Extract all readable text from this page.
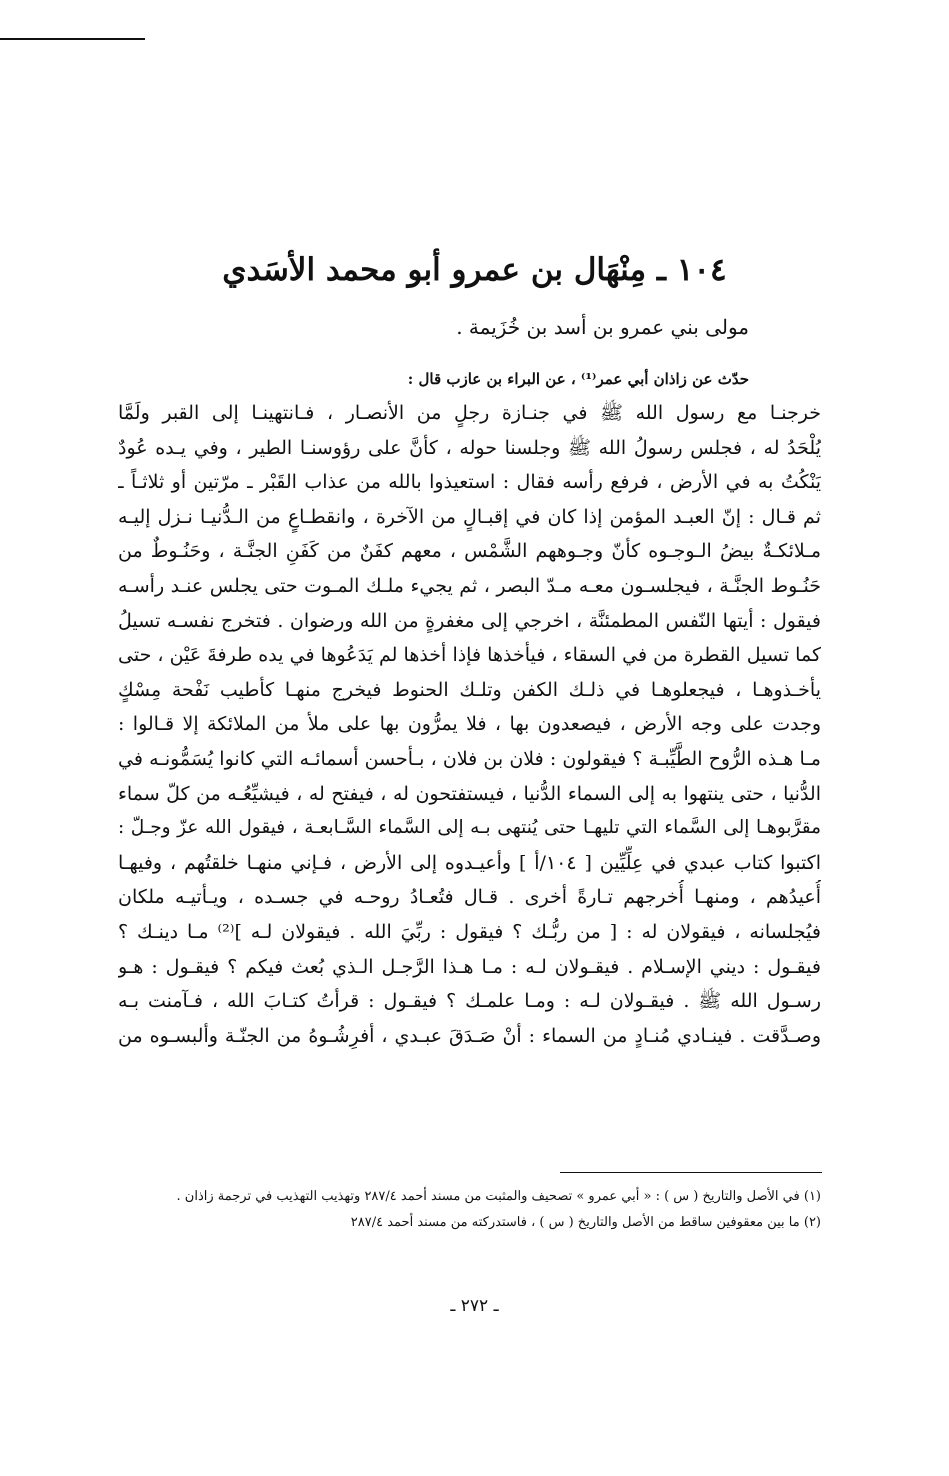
١٠٤ ـ مِنْهَال بن عمرو أبو محمد الأسَدي

مولى بني عمرو بن أسد بن خُزَيمة .

حدّث عن زاذان أبي عمر⁽¹⁾ ، عن البراء بن عازب قال :

خرجنـا مع رسول الله ﷺ في جنـازة رجلٍ من الأنصـار ، فـانتهينـا إلى القبر ولَمَّا
يُلْحَدُ له ، فجلس رسولُ الله ﷺ وجلسنا حوله ، كأنَّ على رؤوسنـا الطير ، وفي يـده عُودٌ
يَنْكُتُ به في الأرض ، فرفع رأسه فقال : استعيذوا بالله من عذاب القَبْر ـ مرّتين أو ثلاثـاً ـ
ثم قـال : إنّ العبـد المؤمن إذا كان في إقبـالٍ من الآخرة ، وانقطـاعٍ من الـدُّنيـا نـزل إليـه
مـلائكـةٌ بيضُ الـوجـوه كأنّ وجـوههم الشَّمْس ، معهم كفَنٌ من كَفَنِ الجنَّـة ، وحَنُـوطٌ من
حَنُـوط الجنَّـة ، فيجلسـون معـه مـدّ البصر ، ثم يجيء ملـك المـوت حتى يجلس عنـد رأسـه
فيقول : أيتها النّفس المطمئنَّة ، اخرجي إلى مغفرةٍ من الله ورضوان . فتخرج نفسـه تسيلُ
كما تسيل القطرة من في السقاء ، فيأخذها فإذا أخذها لم يَدَعُوها في يده طرفةَ عَيْن ، حتى
يأخـذوهـا ، فيجعلوهـا في ذلـك الكفن وتلـك الحنوط فيخرج منهـا كأطيب نَفْحة مِسْكٍ
وجدت على وجه الأرض ، فيصعدون بها ، فلا يمرُّون بها على ملأ من الملائكة إلا قـالوا :
مـا هـذه الرُّوح الطَّيِّبـة ؟ فيقولون : فلان بن فلان ، بـأحسن أسمائـه التي كانوا يُسَمُّونـه في
الدُّنيا ، حتى ينتهوا به إلى السماء الدُّنيا ، فيستفتحون له ، فيفتح له ، فيشيِّعُـه من كلّ سماء
مقرَّبوهـا إلى السَّماء التي تليهـا حتى يُنتهى بـه إلى السَّماء السَّـابعـة ، فيقول الله عزّ وجـلّ :
اكتبوا كتاب عبدي في عِلِّيِّين [ ١٠٤/أ ] وأعيـدوه إلى الأرض ، فـإني منهـا خلقتُهم ، وفيهـا
أُعيدُهم ، ومنهـا أُخرجهم تـارةً أخرى . قـال فتُعـادُ روحـه في جسـده ، ويـأتيـه ملكان
فيُجلسانه ، فيقولان له : [ من ربُّـك ؟ فيقول : ربِّيَ الله . فيقولان لـه ]⁽²⁾ مـا دينـك ؟
فيقـول : ديني الإسـلام . فيقـولان لـه : مـا هـذا الرَّجـل الـذي بُعث فيكم ؟ فيقـول : هـو
رسـول الله ﷺ . فيقـولان لـه : ومـا علمـك ؟ فيقـول : قرأتُ كتـابَ الله ، فـآمنت بـه
وصـدَّقت . فينـادي مُنـادٍ من السماء : أنْ صَـدَقَ عبـدي ، أفرِشُـوهُ من الجنّـة وألبسـوه من

(١) في الأصل والتاريخ ( س ) : « أبي عمرو » تصحيف والمثبت من مسند أحمد ٢٨٧/٤ وتهذيب التهذيب في ترجمة زاذان .

(٢) ما بين معقوفين ساقط من الأصل والتاريخ ( س ) ، فاستدركته من مسند أحمد ٢٨٧/٤

ـ ٢٧٢ ـ
